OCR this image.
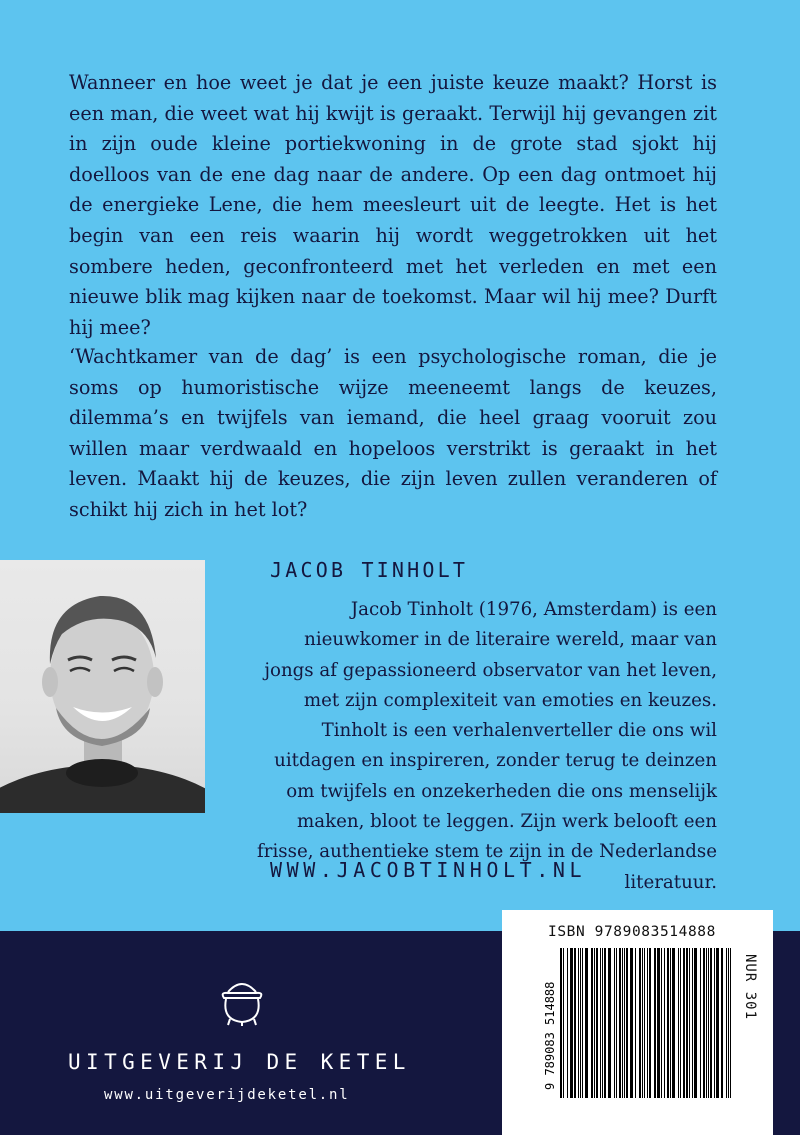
Wanneer en hoe weet je dat je een juiste keuze maakt? Horst is een man, die weet wat hij kwijt is geraakt. Terwijl hij gevangen zit in zijn oude kleine portiekwoning in de grote stad sjokt hij doelloos van de ene dag naar de andere. Op een dag ontmoet hij de energieke Lene, die hem meesleurt uit de leegte. Het is het begin van een reis waarin hij wordt weggetrokken uit het sombere heden, geconfronteerd met het verleden en met een nieuwe blik mag kijken naar de toekomst. Maar wil hij mee? Durft hij mee?

‘Wachtkamer van de dag’ is een psychologische roman, die je soms op humoristische wijze meeneemt langs de keuzes, dilemma’s en twijfels van iemand, die heel graag vooruit zou willen maar verdwaald en hopeloos verstrikt is geraakt in het leven. Maakt hij de keuzes, die zijn leven zullen veranderen of schikt hij zich in het lot?

JACOB TINHOLT

Jacob Tinholt (1976, Amsterdam) is een nieuwkomer in de literaire wereld, maar van jongs af gepassioneerd observator van het leven, met zijn complexiteit van emoties en keuzes. Tinholt is een verhalenverteller die ons wil uitdagen en inspireren, zonder terug te deinzen om twijfels en onzekerheden die ons menselijk maken, bloot te leggen. Zijn werk belooft een frisse, authentieke stem te zijn in de Nederlandse literatuur.

WWW.JACOBTINHOLT.NL
UITGEVERIJ DE KETEL
www.uitgeverijdeketel.nl
ISBN 9789083514888
NUR 301
9 789083 514888
